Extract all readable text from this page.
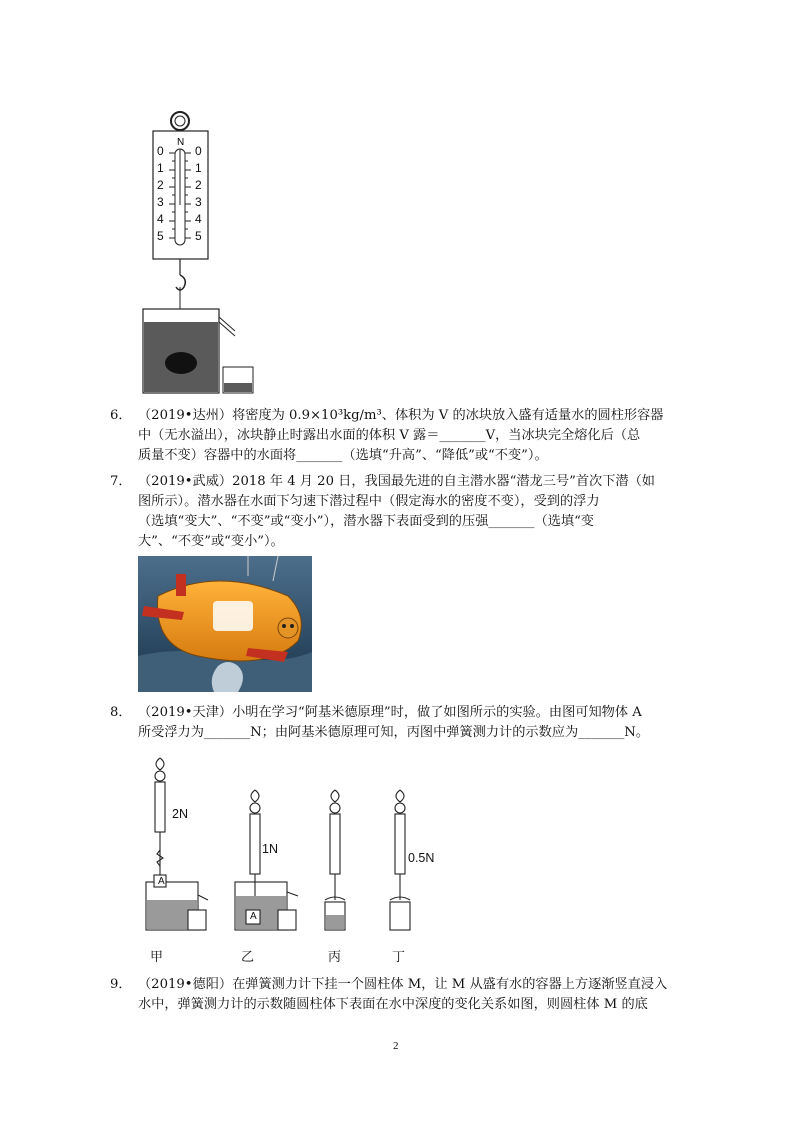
N
0
1
2
3
4
5
0
1
2
3
4
5
6． （2019•达州）将密度为 0.9×10³kg/m³、体积为 V 的冰块放入盛有适量水的圆柱形容器
中（无水溢出），冰块静止时露出水面的体积 V 露＝_______V，当冰块完全熔化后（总
质量不变）容器中的水面将_______（选填“升高”、“降低”或“不变”）。
7． （2019•武威）2018 年 4 月 20 日，我国最先进的自主潜水器“潜龙三号”首次下潜（如
图所示）。潜水器在水面下匀速下潜过程中（假定海水的密度不变），受到的浮力
（选填“变大”、“不变”或“变小”），潜水器下表面受到的压强_______（选填“变
大”、“不变”或“变小”）。
8． （2019•天津）小明在学习“阿基米德原理”时，做了如图所示的实验。由图可知物体 A
所受浮力为_______N；由阿基米德原理可知，丙图中弹簧测力计的示数应为_______N。
2N
1N
0.5N
A
A
甲	乙	丙	丁
9． （2019•德阳）在弹簧测力计下挂一个圆柱体 M，让 M 从盛有水的容器上方逐渐竖直浸入
水中，弹簧测力计的示数随圆柱体下表面在水中深度的变化关系如图，则圆柱体 M 的底
2
